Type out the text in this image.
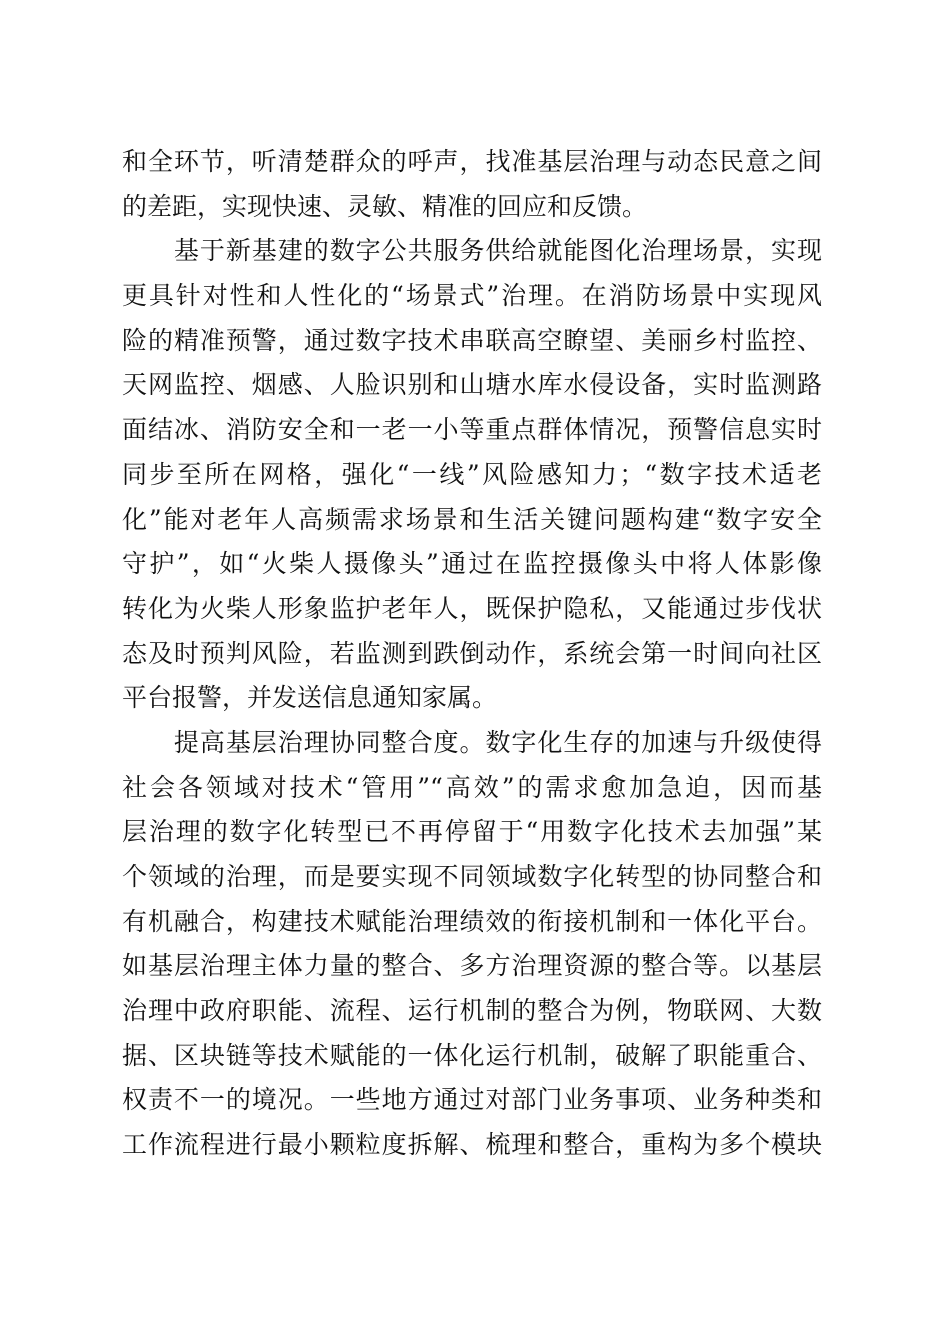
和全环节，听清楚群众的呼声，找准基层治理与动态民意之间
的差距，实现快速、灵敏、精准的回应和反馈。
　　基于新基建的数字公共服务供给就能图化治理场景，实现
更具针对性和人性化的“场景式”治理。在消防场景中实现风
险的精准预警，通过数字技术串联高空瞭望、美丽乡村监控、
天网监控、烟感、人脸识别和山塘水库水侵设备，实时监测路
面结冰、消防安全和一老一小等重点群体情况，预警信息实时
同步至所在网格，强化“一线”风险感知力；“数字技术适老
化”能对老年人高频需求场景和生活关键问题构建“数字安全
守护”，如“火柴人摄像头”通过在监控摄像头中将人体影像
转化为火柴人形象监护老年人，既保护隐私，又能通过步伐状
态及时预判风险，若监测到跌倒动作，系统会第一时间向社区
平台报警，并发送信息通知家属。
　　提高基层治理协同整合度。数字化生存的加速与升级使得
社会各领域对技术“管用”“高效”的需求愈加急迫，因而基
层治理的数字化转型已不再停留于“用数字化技术去加强”某
个领域的治理，而是要实现不同领域数字化转型的协同整合和
有机融合，构建技术赋能治理绩效的衔接机制和一体化平台。
如基层治理主体力量的整合、多方治理资源的整合等。以基层
治理中政府职能、流程、运行机制的整合为例，物联网、大数
据、区块链等技术赋能的一体化运行机制，破解了职能重合、
权责不一的境况。一些地方通过对部门业务事项、业务种类和
工作流程进行最小颗粒度拆解、梳理和整合，重构为多个模块
